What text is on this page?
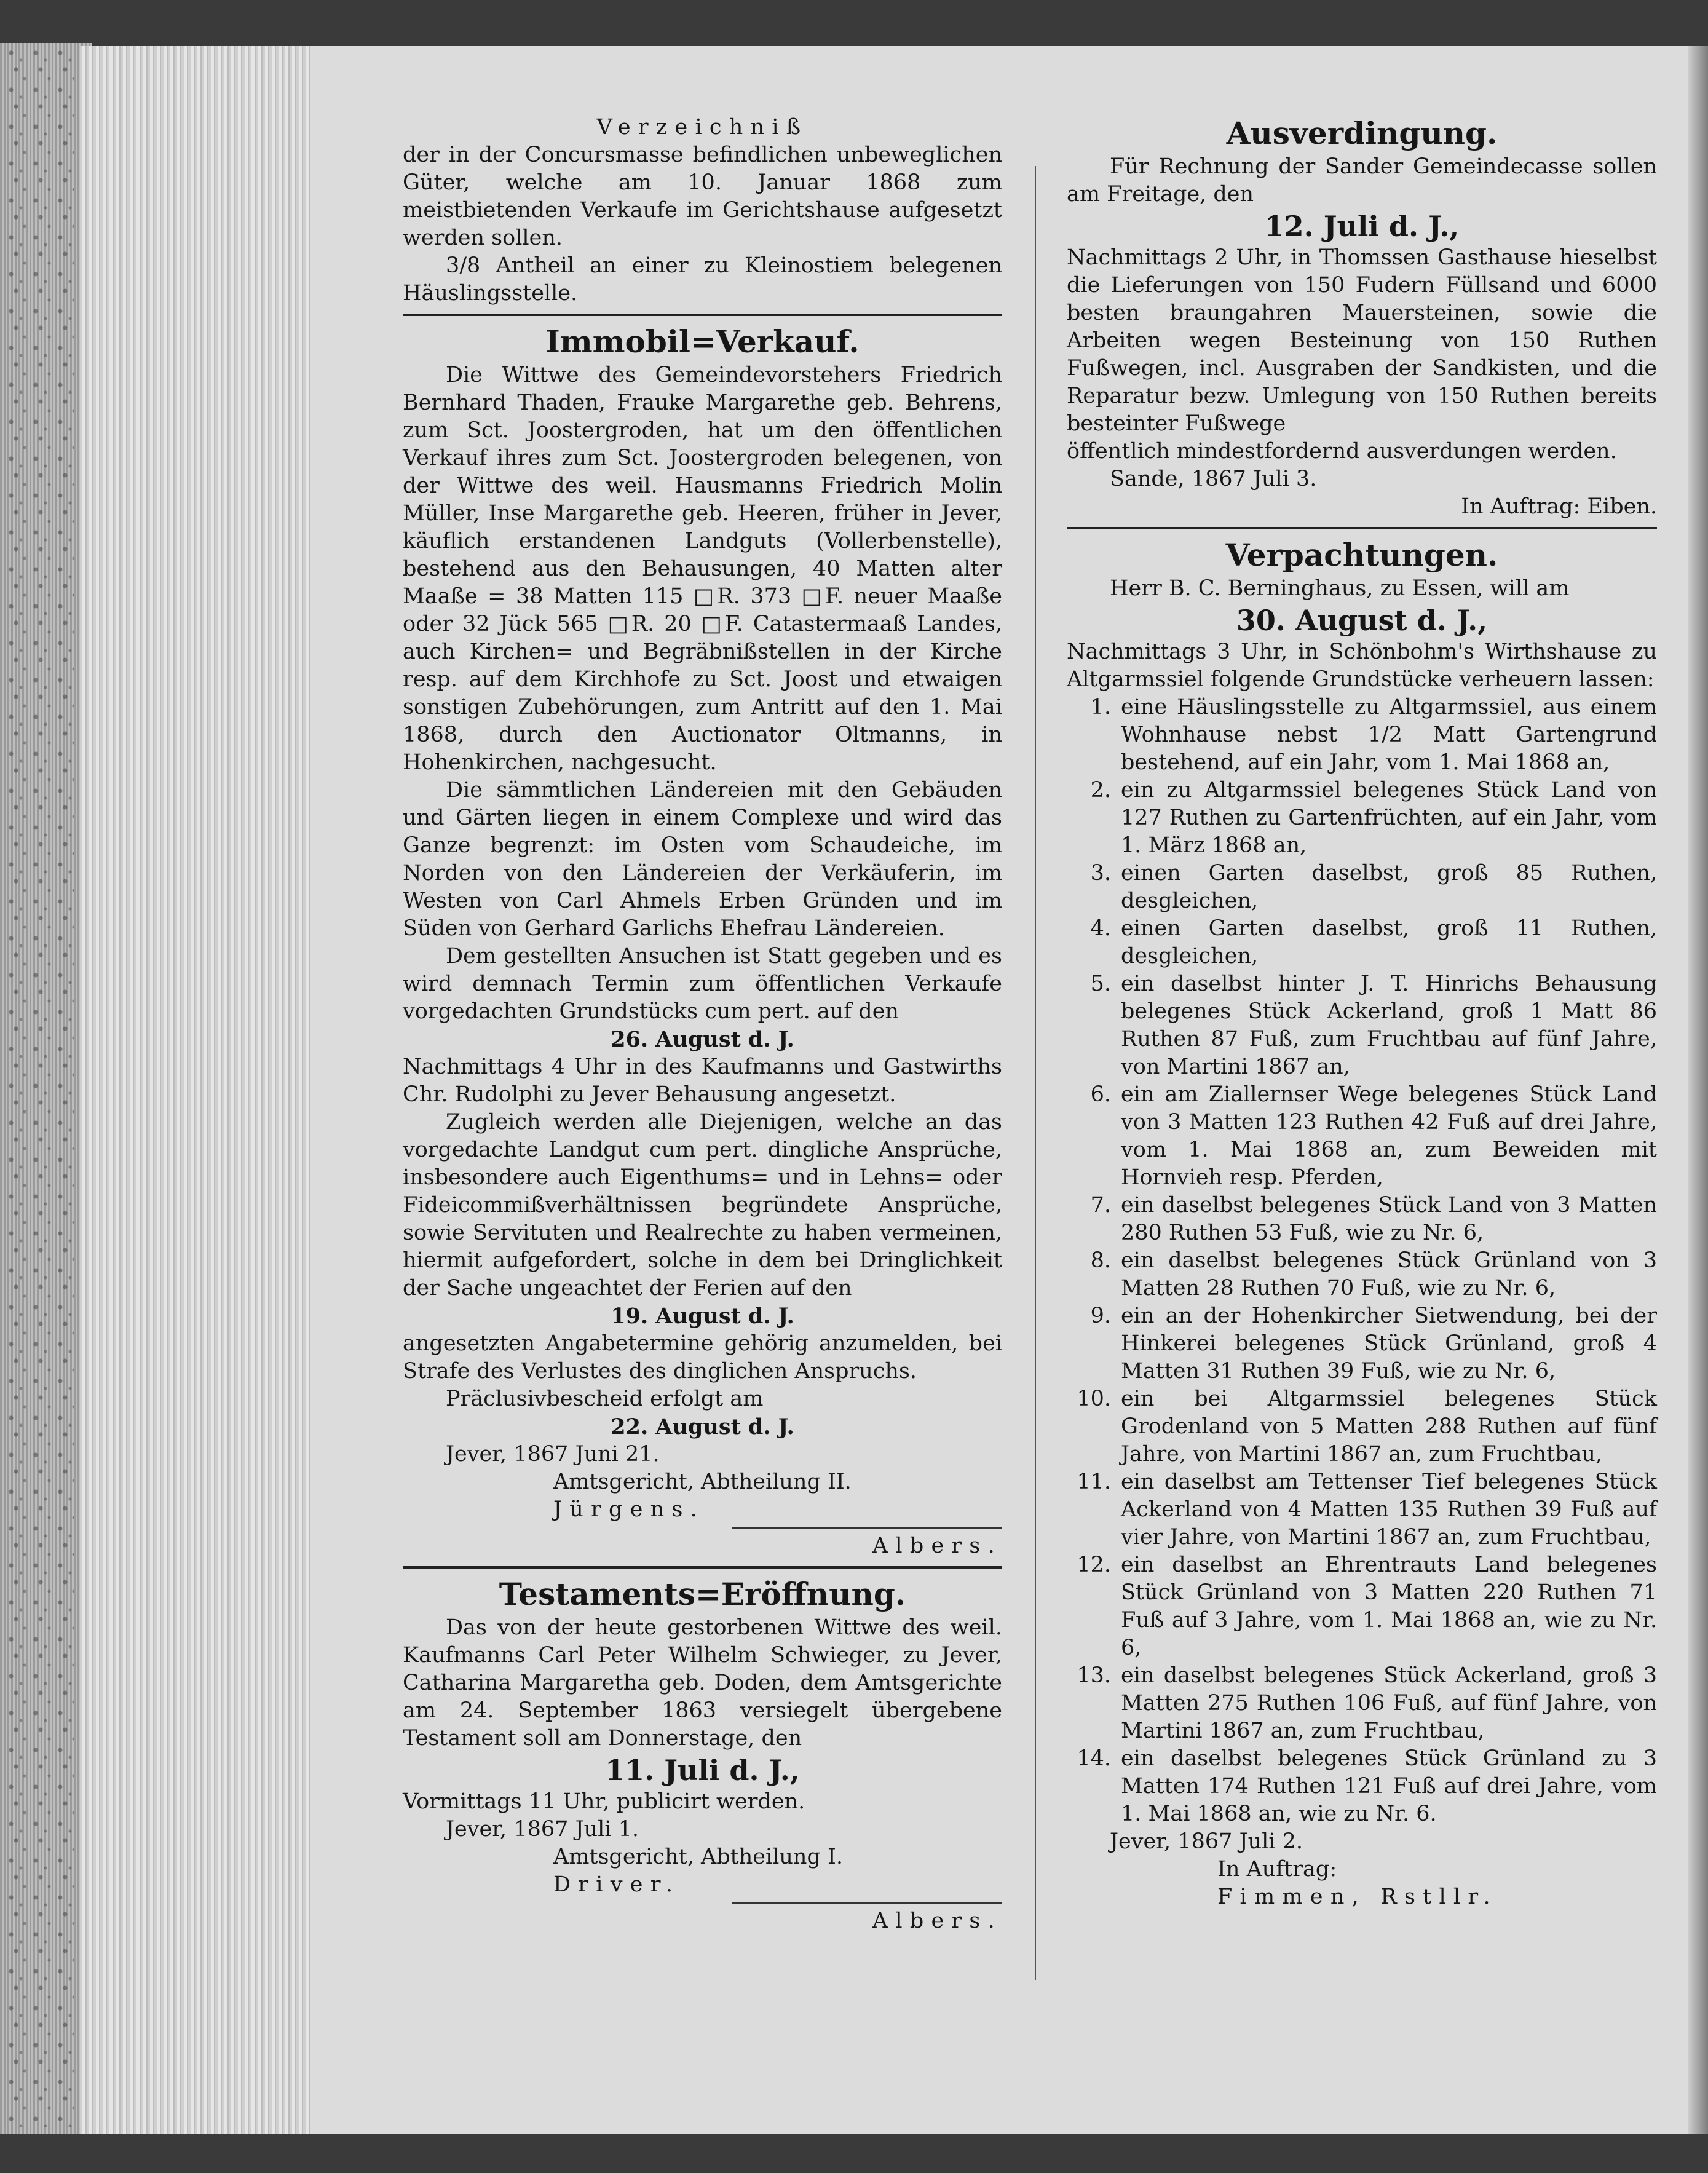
Verzeichniß

der in der Concursmasse befindlichen unbeweglichen Güter, welche am 10. Januar 1868 zum meistbietenden Verkaufe im Gerichtshause aufgesetzt werden sollen.

3/8 Antheil an einer zu Kleinostiem belegenen Häuslingsstelle.

Immobil=Verkauf.

Die Wittwe des Gemeindevorstehers Friedrich Bernhard Thaden, Frauke Margarethe geb. Behrens, zum Sct. Joostergroden, hat um den öffentlichen Verkauf ihres zum Sct. Joostergroden belegenen, von der Wittwe des weil. Hausmanns Friedrich Molin Müller, Inse Margarethe geb. Heeren, früher in Jever, käuflich erstandenen Landguts (Vollerbenstelle), bestehend aus den Behausungen, 40 Matten alter Maaße = 38 Matten 115 □R. 373 □F. neuer Maaße oder 32 Jück 565 □R. 20 □F. Catastermaaß Landes, auch Kirchen= und Begräbnißstellen in der Kirche resp. auf dem Kirchhofe zu Sct. Joost und etwaigen sonstigen Zubehörungen, zum Antritt auf den 1. Mai 1868, durch den Auctionator Oltmanns, in Hohenkirchen, nachgesucht.

Die sämmtlichen Ländereien mit den Gebäuden und Gärten liegen in einem Complexe und wird das Ganze begrenzt: im Osten vom Schaudeiche, im Norden von den Ländereien der Verkäuferin, im Westen von Carl Ahmels Erben Gründen und im Süden von Gerhard Garlichs Ehefrau Ländereien.

Dem gestellten Ansuchen ist Statt gegeben und es wird demnach Termin zum öffentlichen Verkaufe vorgedachten Grundstücks cum pert. auf den

26. August d. J.

Nachmittags 4 Uhr in des Kaufmanns und Gastwirths Chr. Rudolphi zu Jever Behausung angesetzt.

Zugleich werden alle Diejenigen, welche an das vorgedachte Landgut cum pert. dingliche Ansprüche, insbesondere auch Eigenthums= und in Lehns= oder Fideicommißverhältnissen begründete Ansprüche, sowie Servituten und Realrechte zu haben vermeinen, hiermit aufgefordert, solche in dem bei Dringlichkeit der Sache ungeachtet der Ferien auf den

19. August d. J.

angesetzten Angabetermine gehörig anzumelden, bei Strafe des Verlustes des dinglichen Anspruchs.

Präclusivbescheid erfolgt am

22. August d. J.

Jever, 1867 Juni 21.

Amtsgericht, Abtheilung II.

Jürgens.

Albers.

Testaments=Eröffnung.

Das von der heute gestorbenen Wittwe des weil. Kaufmanns Carl Peter Wilhelm Schwieger, zu Jever, Catharina Margaretha geb. Doden, dem Amtsgerichte am 24. September 1863 versiegelt übergebene Testament soll am Donnerstage, den

11. Juli d. J.,

Vormittags 11 Uhr, publicirt werden.

Jever, 1867 Juli 1.

Amtsgericht, Abtheilung I.

Driver.

Albers.

Ausverdingung.

Für Rechnung der Sander Gemeindecasse sollen am Freitage, den

12. Juli d. J.,

Nachmittags 2 Uhr, in Thomssen Gasthause hieselbst die Lieferungen von 150 Fudern Füllsand und 6000 besten braungahren Mauersteinen, sowie die Arbeiten wegen Besteinung von 150 Ruthen Fußwegen, incl. Ausgraben der Sandkisten, und die Reparatur bezw. Umlegung von 150 Ruthen bereits besteinter Fußwege

öffentlich mindestfordernd ausverdungen werden.

Sande, 1867 Juli 3.

In Auftrag: Eiben.

Verpachtungen.

Herr B. C. Berninghaus, zu Essen, will am

30. August d. J.,

Nachmittags 3 Uhr, in Schönbohm's Wirthshause zu Altgarmssiel folgende Grundstücke verheuern lassen:

1. eine Häuslingsstelle zu Altgarmssiel, aus einem Wohnhause nebst 1/2 Matt Gartengrund bestehend, auf ein Jahr, vom 1. Mai 1868 an,
2. ein zu Altgarmssiel belegenes Stück Land von 127 Ruthen zu Gartenfrüchten, auf ein Jahr, vom 1. März 1868 an,
3. einen Garten daselbst, groß 85 Ruthen, desgleichen,
4. einen Garten daselbst, groß 11 Ruthen, desgleichen,
5. ein daselbst hinter J. T. Hinrichs Behausung belegenes Stück Ackerland, groß 1 Matt 86 Ruthen 87 Fuß, zum Fruchtbau auf fünf Jahre, von Martini 1867 an,
6. ein am Ziallernser Wege belegenes Stück Land von 3 Matten 123 Ruthen 42 Fuß auf drei Jahre, vom 1. Mai 1868 an, zum Beweiden mit Hornvieh resp. Pferden,
7. ein daselbst belegenes Stück Land von 3 Matten 280 Ruthen 53 Fuß, wie zu Nr. 6,
8. ein daselbst belegenes Stück Grünland von 3 Matten 28 Ruthen 70 Fuß, wie zu Nr. 6,
9. ein an der Hohenkircher Sietwendung, bei der Hinkerei belegenes Stück Grünland, groß 4 Matten 31 Ruthen 39 Fuß, wie zu Nr. 6,
10. ein bei Altgarmssiel belegenes Stück Grodenland von 5 Matten 288 Ruthen auf fünf Jahre, von Martini 1867 an, zum Fruchtbau,
11. ein daselbst am Tettenser Tief belegenes Stück Ackerland von 4 Matten 135 Ruthen 39 Fuß auf vier Jahre, von Martini 1867 an, zum Fruchtbau,
12. ein daselbst an Ehrentrauts Land belegenes Stück Grünland von 3 Matten 220 Ruthen 71 Fuß auf 3 Jahre, vom 1. Mai 1868 an, wie zu Nr. 6,
13. ein daselbst belegenes Stück Ackerland, groß 3 Matten 275 Ruthen 106 Fuß, auf fünf Jahre, von Martini 1867 an, zum Fruchtbau,
14. ein daselbst belegenes Stück Grünland zu 3 Matten 174 Ruthen 121 Fuß auf drei Jahre, vom 1. Mai 1868 an, wie zu Nr. 6.

Jever, 1867 Juli 2.

In Auftrag:

Fimmen, Rstllr.
